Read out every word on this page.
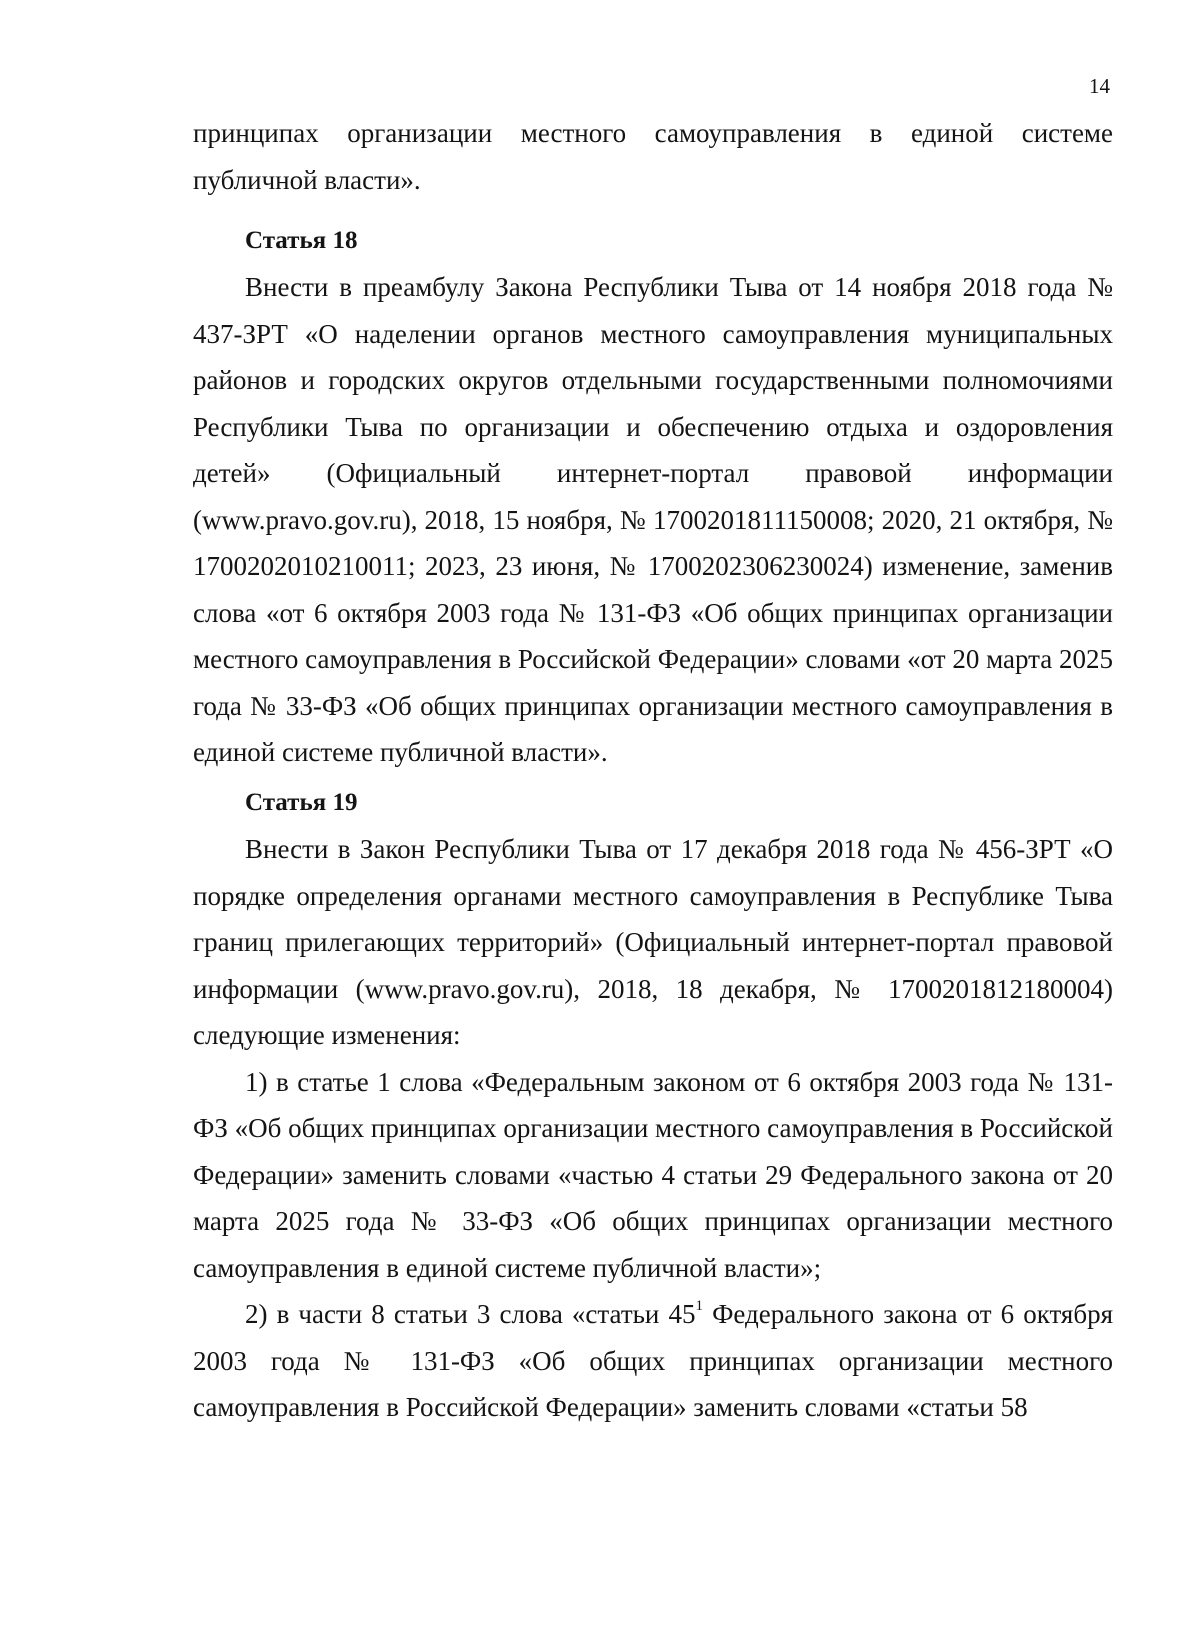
14

принципах организации местного самоуправления в единой системе публичной власти».

Статья 18

Внести в преамбулу Закона Республики Тыва от 14 ноября 2018 года № 437-ЗРТ «О наделении органов местного самоуправления муниципальных районов и городских округов отдельными государственными полномочиями Республики Тыва по организации и обеспечению отдыха и оздоровления детей» (Официальный интернет-портал правовой информации (www.pravo.gov.ru), 2018, 15 ноября, № 1700201811150008; 2020, 21 октября, № 1700202010210011; 2023, 23 июня, № 1700202306230024) изменение, заменив слова «от 6 октября 2003 года № 131-ФЗ «Об общих принципах организации местного самоуправления в Российской Федерации» словами «от 20 марта 2025 года № 33-ФЗ «Об общих принципах организации местного самоуправления в единой системе публичной власти».

Статья 19

Внести в Закон Республики Тыва от 17 декабря 2018 года № 456-ЗРТ «О порядке определения органами местного самоуправления в Республике Тыва границ прилегающих территорий» (Официальный интернет-портал правовой информации (www.pravo.gov.ru), 2018, 18 декабря, № 1700201812180004) следующие изменения:

1) в статье 1 слова «Федеральным законом от 6 октября 2003 года № 131-ФЗ «Об общих принципах организации местного самоуправления в Российской Федерации» заменить словами «частью 4 статьи 29 Федерального закона от 20 марта 2025 года № 33-ФЗ «Об общих принципах организации местного самоуправления в единой системе публичной власти»;

2) в части 8 статьи 3 слова «статьи $45^1$ Федерального закона от 6 октября 2003 года № 131-ФЗ «Об общих принципах организации местного самоуправления в Российской Федерации» заменить словами «статьи 58
